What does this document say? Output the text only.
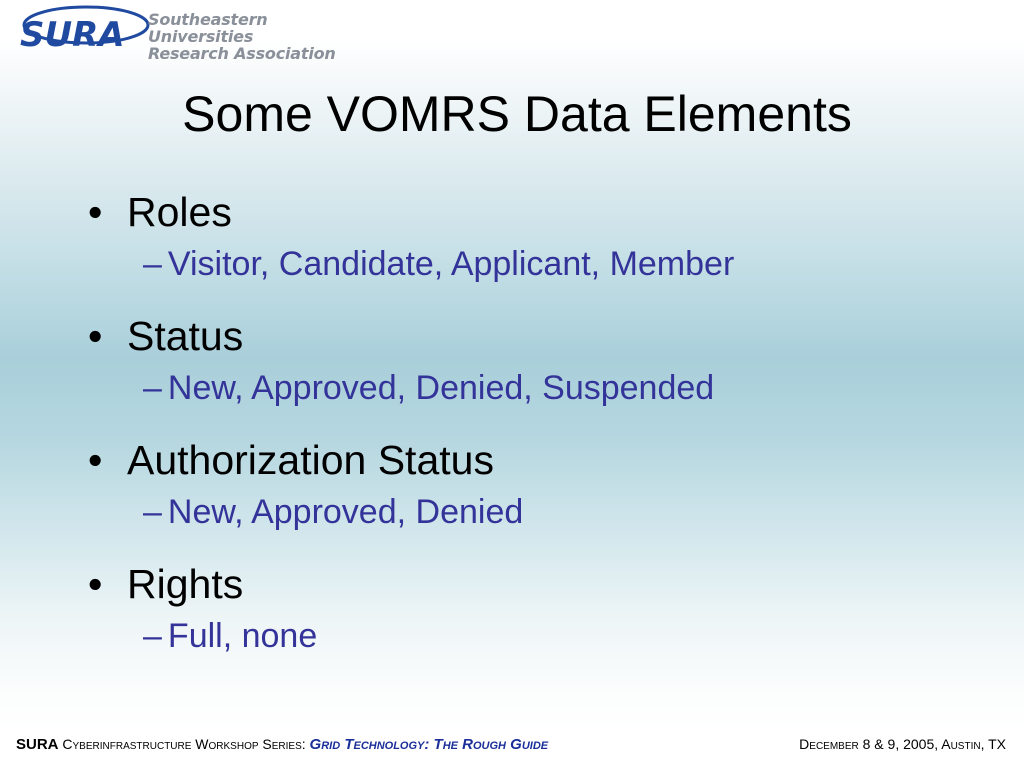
SURA Southeastern Universities
Research Association
Some VOMRS Data Elements
• Roles
– Visitor, Candidate, Applicant, Member
• Status
– New, Approved, Denied, Suspended
• Authorization Status
– New, Approved, Denied
• Rights
– Full, none
SURA Cyberinfrastructure Workshop Series: Grid Technology: The Rough Guide	December 8 & 9, 2005, Austin, TX
